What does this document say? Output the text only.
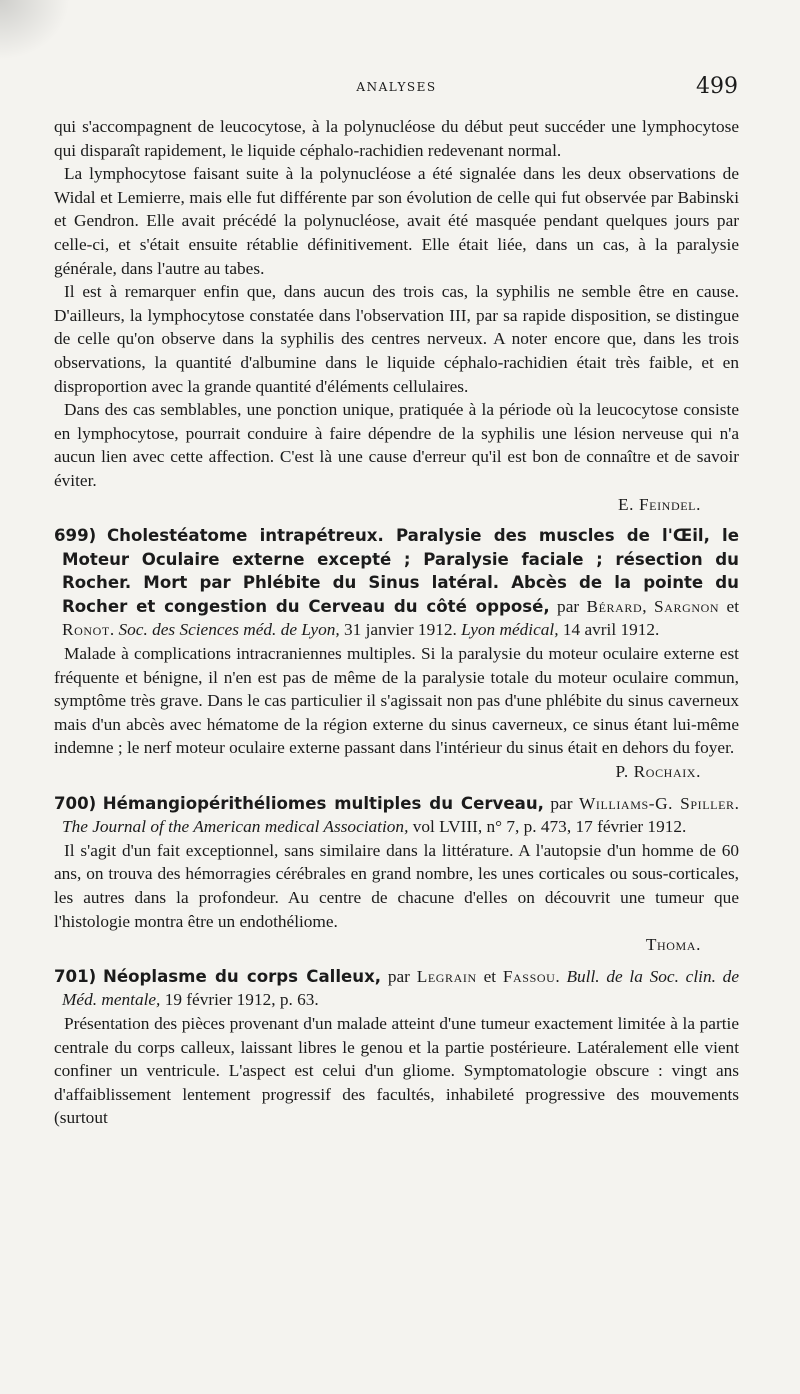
ANALYSES	499

qui s'accompagnent de leucocytose, à la polynucléose du début peut succéder une lymphocytose qui disparaît rapidement, le liquide céphalo-rachidien redevenant normal.

La lymphocytose faisant suite à la polynucléose a été signalée dans les deux observations de Widal et Lemierre, mais elle fut différente par son évolution de celle qui fut observée par Babinski et Gendron. Elle avait précédé la polynucléose, avait été masquée pendant quelques jours par celle-ci, et s'était ensuite rétablie définitivement. Elle était liée, dans un cas, à la paralysie générale, dans l'autre au tabes.

Il est à remarquer enfin que, dans aucun des trois cas, la syphilis ne semble être en cause. D'ailleurs, la lymphocytose constatée dans l'observation III, par sa rapide disposition, se distingue de celle qu'on observe dans la syphilis des centres nerveux. A noter encore que, dans les trois observations, la quantité d'albumine dans le liquide céphalo-rachidien était très faible, et en disproportion avec la grande quantité d'éléments cellulaires.

Dans des cas semblables, une ponction unique, pratiquée à la période où la leucocytose consiste en lymphocytose, pourrait conduire à faire dépendre de la syphilis une lésion nerveuse qui n'a aucun lien avec cette affection. C'est là une cause d'erreur qu'il est bon de connaître et de savoir éviter.

E. Feindel.

699) Cholestéatome intrapétreux. Paralysie des muscles de l'Œil, le Moteur Oculaire externe excepté ; Paralysie faciale ; résection du Rocher. Mort par Phlébite du Sinus latéral. Abcès de la pointe du Rocher et congestion du Cerveau du côté opposé, par Bérard, Sargnon et Ronot. Soc. des Sciences méd. de Lyon, 31 janvier 1912. Lyon médical, 14 avril 1912.

Malade à complications intracraniennes multiples. Si la paralysie du moteur oculaire externe est fréquente et bénigne, il n'en est pas de même de la paralysie totale du moteur oculaire commun, symptôme très grave. Dans le cas particulier il s'agissait non pas d'une phlébite du sinus caverneux mais d'un abcès avec hématome de la région externe du sinus caverneux, ce sinus étant lui-même indemne ; le nerf moteur oculaire externe passant dans l'intérieur du sinus était en dehors du foyer.

P. Rochaix.

700) Hémangiopérithéliomes multiples du Cerveau, par Williams-G. Spiller. The Journal of the American medical Association, vol LVIII, n° 7, p. 473, 17 février 1912.

Il s'agit d'un fait exceptionnel, sans similaire dans la littérature. A l'autopsie d'un homme de 60 ans, on trouva des hémorragies cérébrales en grand nombre, les unes corticales ou sous-corticales, les autres dans la profondeur. Au centre de chacune d'elles on découvrit une tumeur que l'histologie montra être un endothéliome.

Thoma.

701) Néoplasme du corps Calleux, par Legrain et Fassou. Bull. de la Soc. clin. de Méd. mentale, 19 février 1912, p. 63.

Présentation des pièces provenant d'un malade atteint d'une tumeur exactement limitée à la partie centrale du corps calleux, laissant libres le genou et la partie postérieure. Latéralement elle vient confiner un ventricule. L'aspect est celui d'un gliome. Symptomatologie obscure : vingt ans d'affaiblissement lentement progressif des facultés, inhabileté progressive des mouvements (surtout
